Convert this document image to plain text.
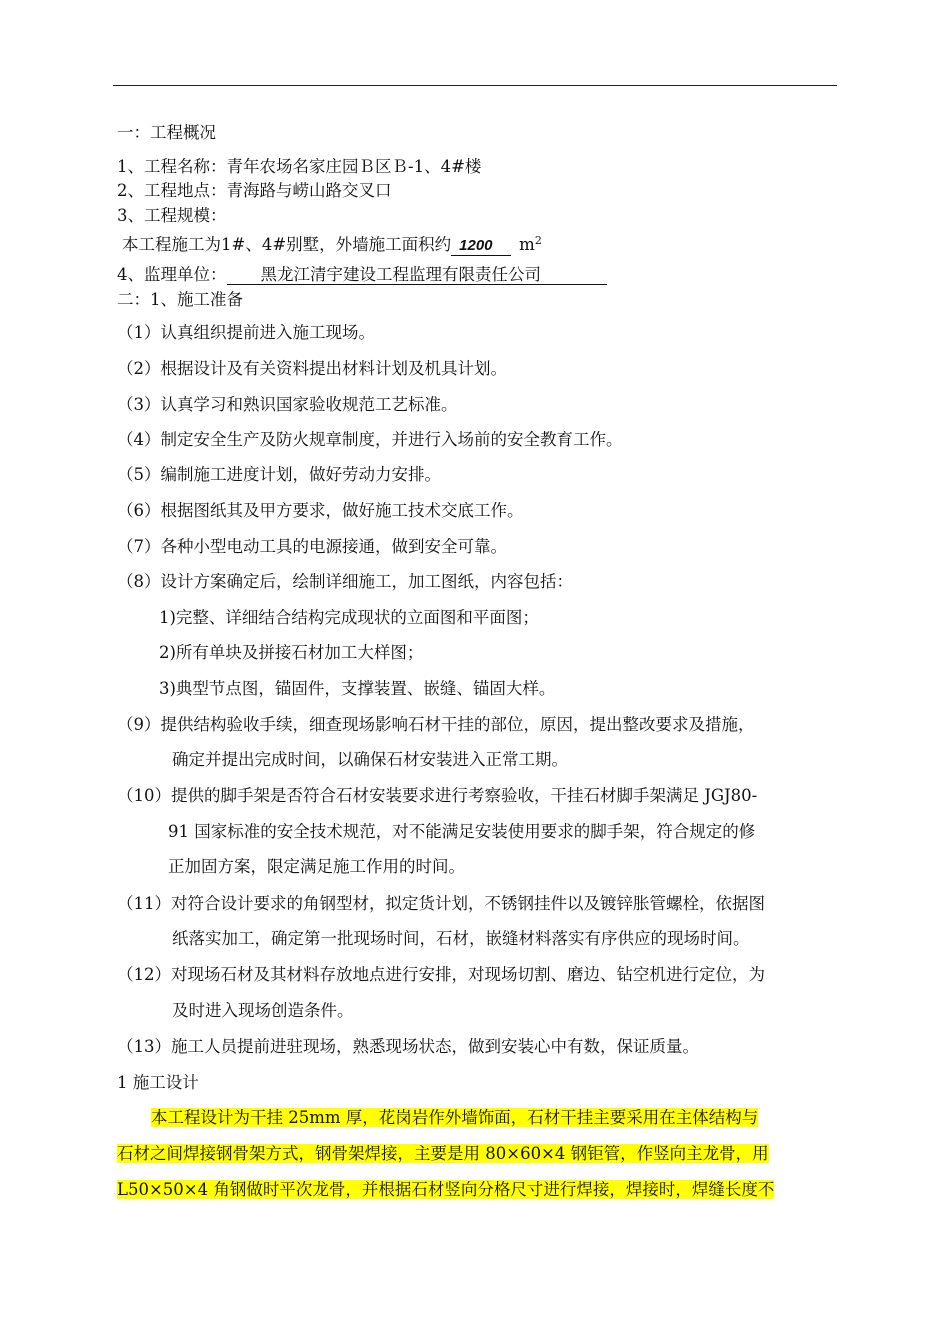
一：工程概况
1、工程名称：青年农场名家庄园Ｂ区Ｂ-1、4#楼
2、工程地点：青海路与崂山路交叉口
3、工程规模：
本工程施工为1#、4#别墅，外墙施工面积约 1200 $m^2$
4、监理单位： 黑龙江清宇建设工程监理有限责任公司
二：1、施工准备
（1）认真组织提前进入施工现场。
（2）根据设计及有关资料提出材料计划及机具计划。
（3）认真学习和熟识国家验收规范工艺标准。
（4）制定安全生产及防火规章制度，并进行入场前的安全教育工作。
（5）编制施工进度计划，做好劳动力安排。
（6）根据图纸其及甲方要求，做好施工技术交底工作。
（7）各种小型电动工具的电源接通，做到安全可靠。
（8）设计方案确定后，绘制详细施工，加工图纸，内容包括：
1)完整、详细结合结构完成现状的立面图和平面图；
2)所有单块及拼接石材加工大样图；
3)典型节点图，锚固件，支撑装置、嵌缝、锚固大样。
（9）提供结构验收手续，细查现场影响石材干挂的部位，原因，提出整改要求及措施，
确定并提出完成时间，以确保石材安装进入正常工期。
（10）提供的脚手架是否符合石材安装要求进行考察验收，干挂石材脚手架满足 JGJ80-
91 国家标准的安全技术规范，对不能满足安装使用要求的脚手架，符合规定的修
正加固方案，限定满足施工作用的时间。
（11）对符合设计要求的角钢型材，拟定货计划，不锈钢挂件以及镀锌胀管螺栓，依据图
纸落实加工，确定第一批现场时间，石材，嵌缝材料落实有序供应的现场时间。
（12）对现场石材及其材料存放地点进行安排，对现场切割、磨边、钻空机进行定位，为
及时进入现场创造条件。
（13）施工人员提前进驻现场，熟悉现场状态，做到安装心中有数，保证质量。
1 施工设计
本工程设计为干挂 25mm 厚，花岗岩作外墙饰面，石材干挂主要采用在主体结构与
石材之间焊接钢骨架方式，钢骨架焊接，主要是用 80×60×4 钢钜管，作竖向主龙骨，用
L50×50×4 角钢做时平次龙骨，并根据石材竖向分格尺寸进行焊接，焊接时，焊缝长度不
